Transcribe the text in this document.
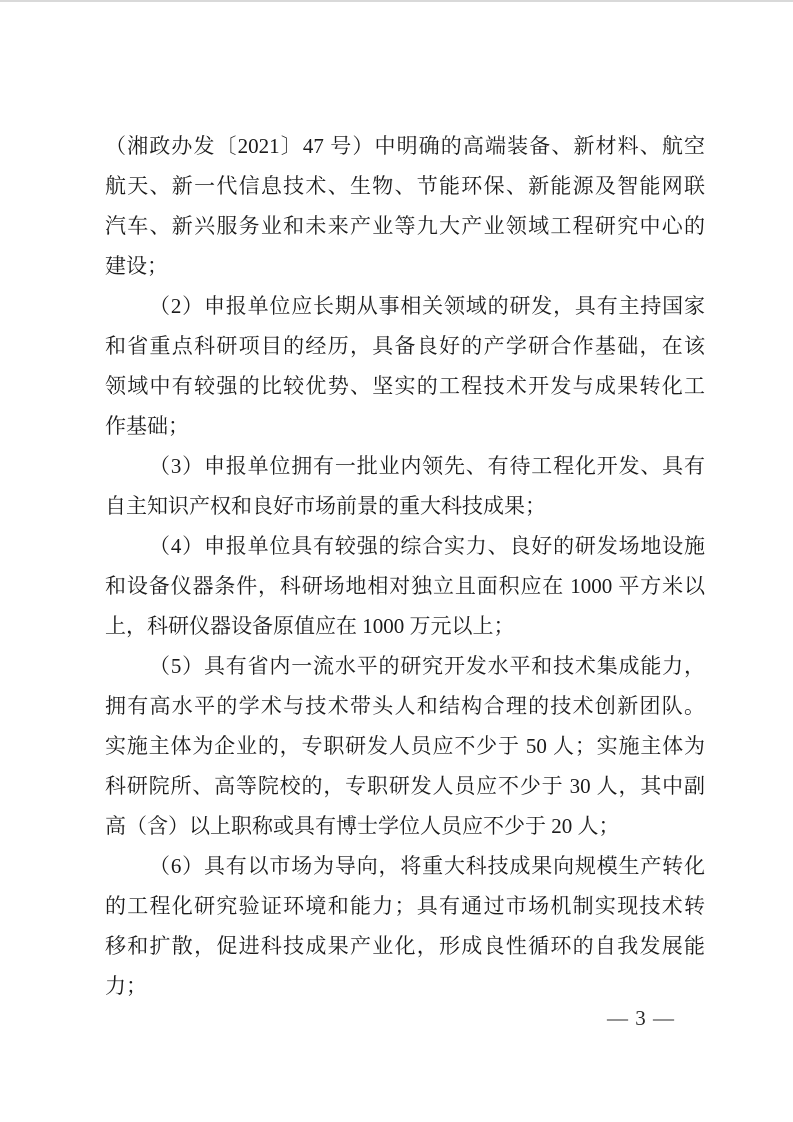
（湘政办发〔2021〕47 号）中明确的高端装备、新材料、航空
航天、新一代信息技术、生物、节能环保、新能源及智能网联
汽车、新兴服务业和未来产业等九大产业领域工程研究中心的
建设；
（2）申报单位应长期从事相关领域的研发，具有主持国家
和省重点科研项目的经历，具备良好的产学研合作基础，在该
领域中有较强的比较优势、坚实的工程技术开发与成果转化工
作基础；
（3）申报单位拥有一批业内领先、有待工程化开发、具有
自主知识产权和良好市场前景的重大科技成果；
（4）申报单位具有较强的综合实力、良好的研发场地设施
和设备仪器条件，科研场地相对独立且面积应在 1000 平方米以
上，科研仪器设备原值应在 1000 万元以上；
（5）具有省内一流水平的研究开发水平和技术集成能力，
拥有高水平的学术与技术带头人和结构合理的技术创新团队。
实施主体为企业的，专职研发人员应不少于 50 人；实施主体为
科研院所、高等院校的，专职研发人员应不少于 30 人，其中副
高（含）以上职称或具有博士学位人员应不少于 20 人；
（6）具有以市场为导向，将重大科技成果向规模生产转化
的工程化研究验证环境和能力；具有通过市场机制实现技术转
移和扩散，促进科技成果产业化，形成良性循环的自我发展能
力；
— 3 —
